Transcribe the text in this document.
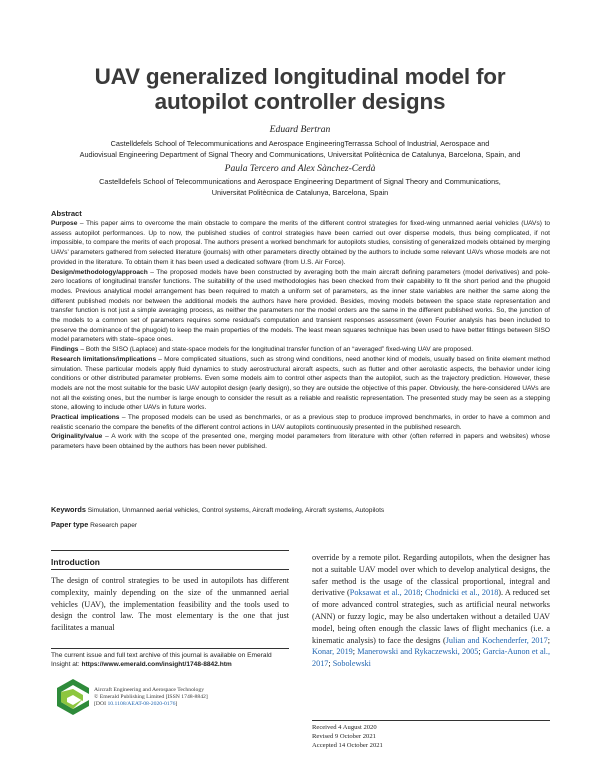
UAV generalized longitudinal model for
autopilot controller designs
Eduard Bertran
Castelldefels School of Telecommunications and Aerospace EngineeringTerrassa School of Industrial, Aerospace and
Audiovisual Engineering Department of Signal Theory and Communications, Universitat Politècnica de Catalunya, Barcelona, Spain, and
Paula Tercero and Alex Sànchez-Cerdà
Castelldefels School of Telecommunications and Aerospace Engineering Department of Signal Theory and Communications,
Universitat Politècnica de Catalunya, Barcelona, Spain
Abstract
Purpose – This paper aims to overcome the main obstacle to compare the merits of the different control strategies for fixed-wing unmanned aerial vehicles (UAVs) to assess autopilot performances. Up to now, the published studies of control strategies have been carried out over disperse models, thus being complicated, if not impossible, to compare the merits of each proposal. The authors present a worked benchmark for autopilots studies, consisting of generalized models obtained by merging UAVs’ parameters gathered from selected literature (journals) with other parameters directly obtained by the authors to include some relevant UAVs whose models are not provided in the literature. To obtain them it has been used a dedicated software (from U.S. Air Force).
Design/methodology/approach – The proposed models have been constructed by averaging both the main aircraft defining parameters (model derivatives) and pole-zero locations of longitudinal transfer functions. The suitability of the used methodologies has been checked from their capability to fit the short period and the phugoid modes. Previous analytical model arrangement has been required to match a uniform set of parameters, as the inner state variables are neither the same along the different published models nor between the additional models the authors have here provided. Besides, moving models between the space state representation and transfer function is not just a simple averaging process, as neither the parameters nor the model orders are the same in the different published works. So, the junction of the models to a common set of parameters requires some residual’s computation and transient responses assessment (even Fourier analysis has been included to preserve the dominance of the phugoid) to keep the main properties of the models. The least mean squares technique has been used to have better fittings between SISO model parameters with state–space ones.
Findings – Both the SISO (Laplace) and state-space models for the longitudinal transfer function of an “averaged” fixed-wing UAV are proposed.
Research limitations/implications – More complicated situations, such as strong wind conditions, need another kind of models, usually based on finite element method simulation. These particular models apply fluid dynamics to study aerostructural aircraft aspects, such as flutter and other aerolastic aspects, the behavior under icing conditions or other distributed parameter problems. Even some models aim to control other aspects than the autopilot, such as the trajectory prediction. However, these models are not the most suitable for the basic UAV autopilot design (early design), so they are outside the objective of this paper. Obviously, the here-considered UAVs are not all the existing ones, but the number is large enough to consider the result as a reliable and realistic representation. The presented study may be seen as a stepping stone, allowing to include other UAVs in future works.
Practical implications – The proposed models can be used as benchmarks, or as a previous step to produce improved benchmarks, in order to have a common and realistic scenario the compare the benefits of the different control actions in UAV autopilots continuously presented in the published research.
Originality/value – A work with the scope of the presented one, merging model parameters from literature with other (often referred in papers and websites) whose parameters have been obtained by the authors has been never published.
Keywords Simulation, Unmanned aerial vehicles, Control systems, Aircraft modeling, Aircraft systems, Autopilots
Paper type Research paper
Introduction
The design of control strategies to be used in autopilots has different complexity, mainly depending on the size of the unmanned aerial vehicles (UAV), the implementation feasibility and the tools used to design the control law. The most elementary is the one that just facilitates a manual
The current issue and full text archive of this journal is available on Emerald
Insight at: https://www.emerald.com/insight/1748-8842.htm
Aircraft Engineering and Aerospace Technology
© Emerald Publishing Limited [ISSN 1748-8842]
[DOI 10.1108/AEAT-08-2020-0176]
override by a remote pilot. Regarding autopilots, when the designer has not a suitable UAV model over which to develop analytical designs, the safer method is the usage of the classical proportional, integral and derivative (Poksawat et al., 2018; Chodnicki et al., 2018). A reduced set of more advanced control strategies, such as artificial neural networks (ANN) or fuzzy logic, may be also undertaken without a detailed UAV model, being often enough the classic laws of flight mechanics (i.e. a kinematic analysis) to face the designs (Julian and Kochenderfer, 2017; Konar, 2019; Manerowski and Rykaczewski, 2005; Garcia-Aunon et al., 2017; Sobolewski
Received 4 August 2020
Revised 9 October 2021
Accepted 14 October 2021
